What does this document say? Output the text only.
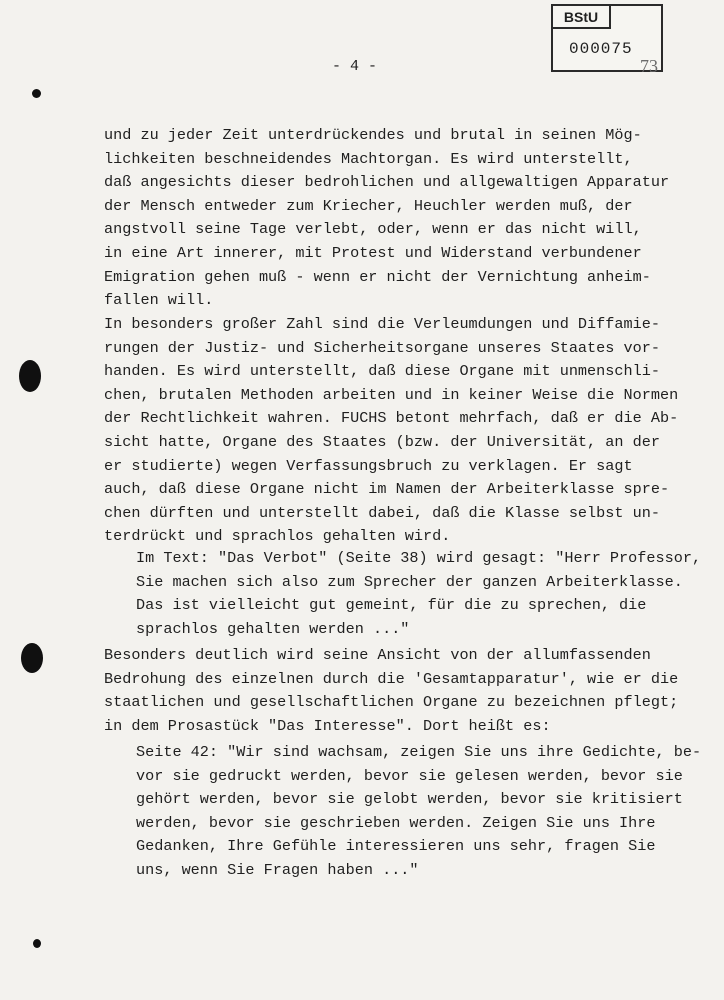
BStU
000075
73
- 4 -

und zu jeder Zeit unterdrückendes und brutal in seinen Mög-
lichkeiten beschneidendes Machtorgan. Es wird unterstellt,
daß angesichts dieser bedrohlichen und allgewaltigen Apparatur
der Mensch entweder zum Kriecher, Heuchler werden muß, der
angstvoll seine Tage verlebt, oder, wenn er das nicht will,
in eine Art innerer, mit Protest und Widerstand verbundener
Emigration gehen muß - wenn er nicht der Vernichtung anheim-
fallen will.

In besonders großer Zahl sind die Verleumdungen und Diffamie-
rungen der Justiz- und Sicherheitsorgane unseres Staates vor-
handen. Es wird unterstellt, daß diese Organe mit unmenschli-
chen, brutalen Methoden arbeiten und in keiner Weise die Normen
der Rechtlichkeit wahren. FUCHS betont mehrfach, daß er die Ab-
sicht hatte, Organe des Staates (bzw. der Universität, an der
er studierte) wegen Verfassungsbruch zu verklagen. Er sagt
auch, daß diese Organe nicht im Namen der Arbeiterklasse spre-
chen dürften und unterstellt dabei, daß die Klasse selbst un-
terdrückt und sprachlos gehalten wird.

Im Text: "Das Verbot" (Seite 38) wird gesagt: "Herr Professor,
Sie machen sich also zum Sprecher der ganzen Arbeiterklasse.
Das ist vielleicht gut gemeint, für die zu sprechen, die
sprachlos gehalten werden ..."

Besonders deutlich wird seine Ansicht von der allumfassenden
Bedrohung des einzelnen durch die 'Gesamtapparatur', wie er die
staatlichen und gesellschaftlichen Organe zu bezeichnen pflegt;
in dem Prosastück "Das Interesse". Dort heißt es:

Seite 42: "Wir sind wachsam, zeigen Sie uns ihre Gedichte, be-
vor sie gedruckt werden, bevor sie gelesen werden, bevor sie
gehört werden, bevor sie gelobt werden, bevor sie kritisiert
werden, bevor sie geschrieben werden. Zeigen Sie uns Ihre
Gedanken, Ihre Gefühle interessieren uns sehr, fragen Sie
uns, wenn Sie Fragen haben ..."
